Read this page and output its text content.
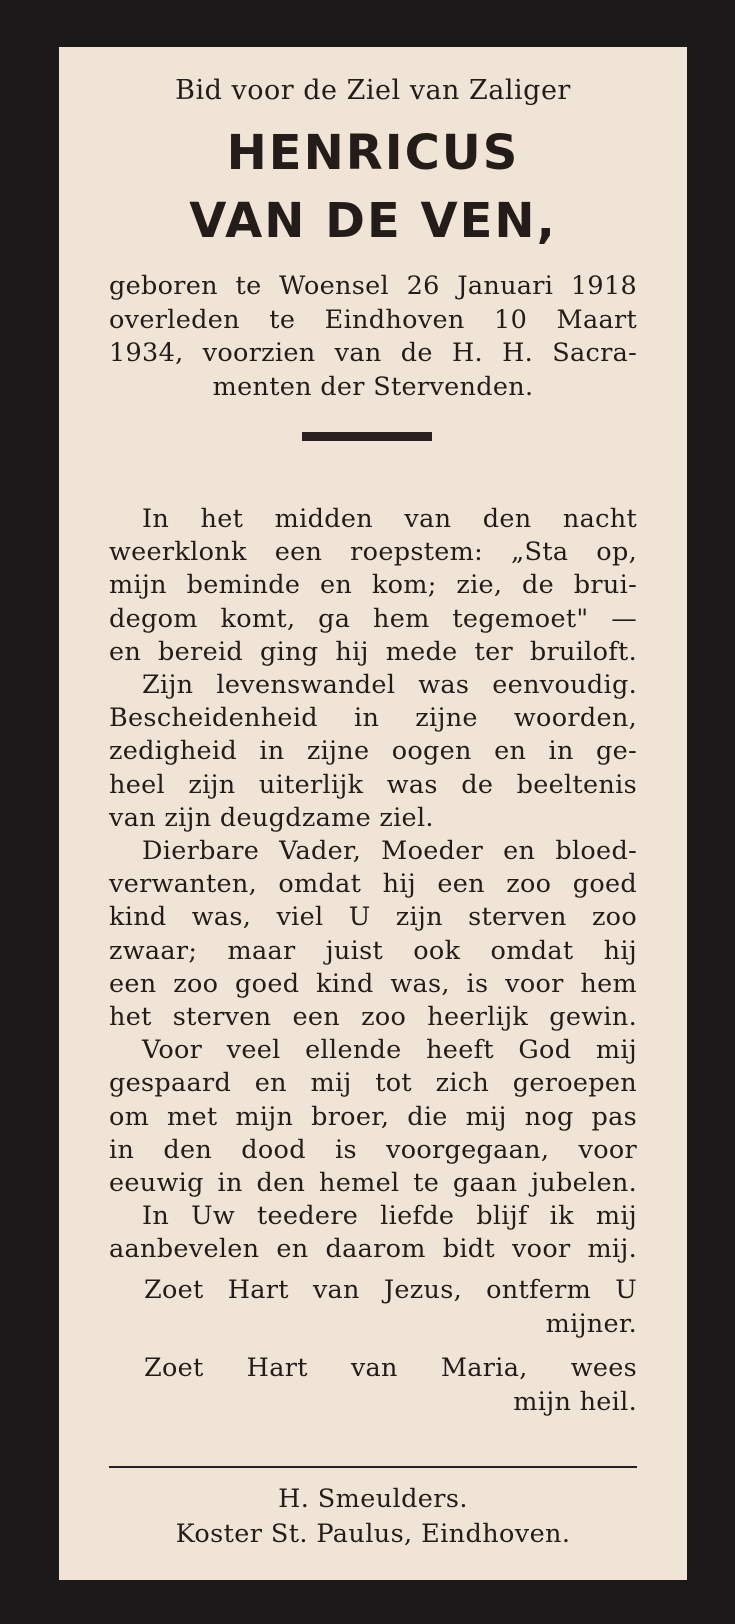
Bid voor de Ziel van Zaliger
HENRICUS
VAN DE VEN,
geboren te Woensel 26 Januari 1918
overleden te Eindhoven 10 Maart
1934, voorzien van de H. H. Sacra-
menten der Stervenden.
In het midden van den nacht
weerklonk een roepstem: „Sta op,
mijn beminde en kom; zie, de brui-
degom komt, ga hem tegemoet" —
en bereid ging hij mede ter bruiloft.
Zijn levenswandel was eenvoudig.
Bescheidenheid in zijne woorden,
zedigheid in zijne oogen en in ge-
heel zijn uiterlijk was de beeltenis
van zijn deugdzame ziel.
Dierbare Vader, Moeder en bloed-
verwanten, omdat hij een zoo goed
kind was, viel U zijn sterven zoo
zwaar; maar juist ook omdat hij
een zoo goed kind was, is voor hem
het sterven een zoo heerlijk gewin.
Voor veel ellende heeft God mij
gespaard en mij tot zich geroepen
om met mijn broer, die mij nog pas
in den dood is voorgegaan, voor
eeuwig in den hemel te gaan jubelen.
In Uw teedere liefde blijf ik mij
aanbevelen en daarom bidt voor mij.
Zoet Hart van Jezus, ontferm U
mijner.
Zoet Hart van Maria, wees
mijn heil.
H. Smeulders.
Koster St. Paulus, Eindhoven.
